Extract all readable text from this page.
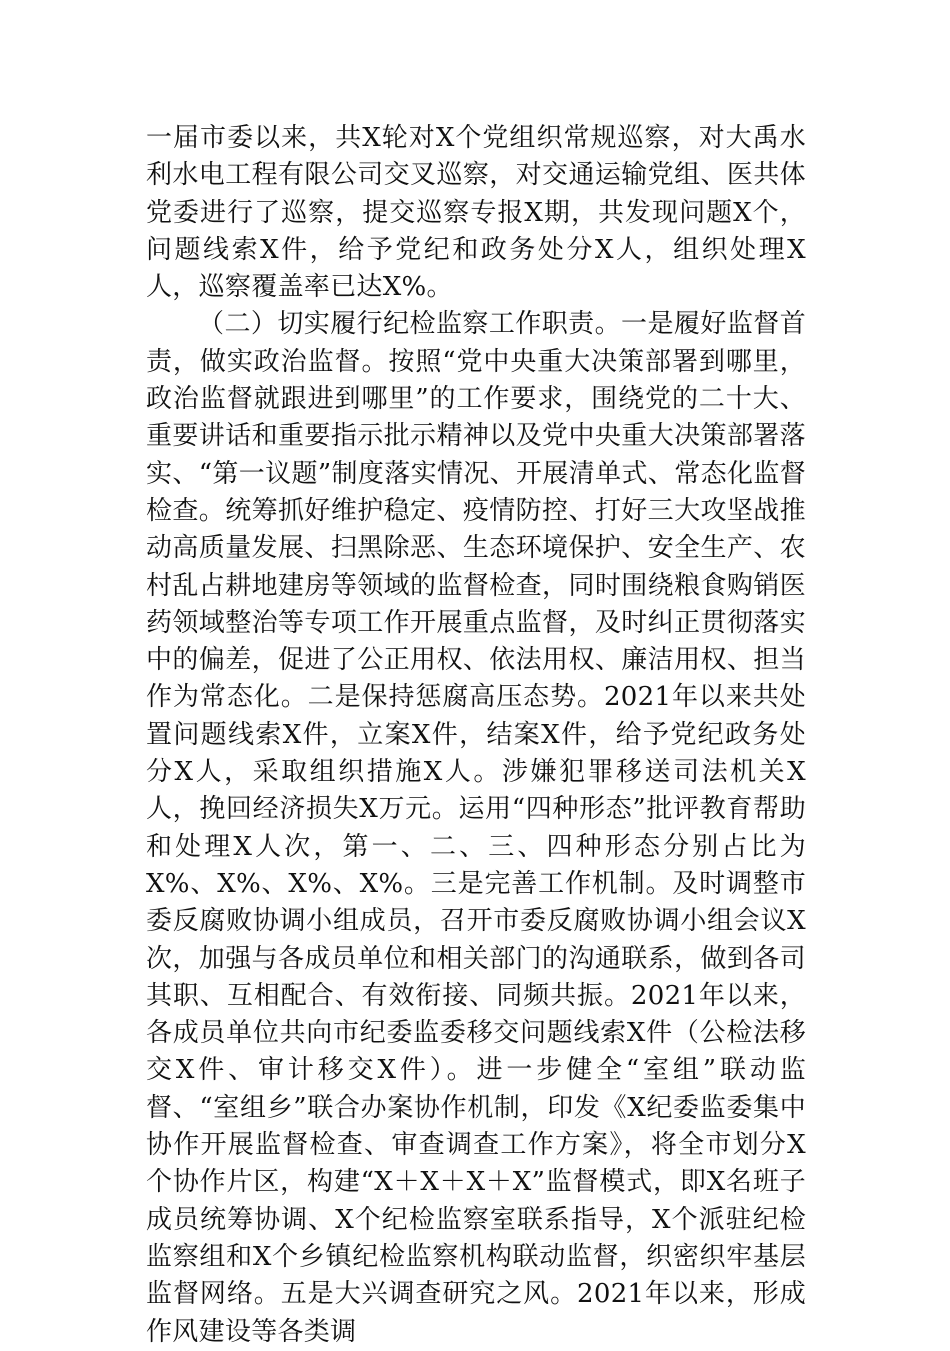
一届市委以来，共X轮对X个党组织常规巡察，对大禹水利水电工程有限公司交叉巡察，对交通运输党组、医共体党委进行了巡察，提交巡察专报X期，共发现问题X个，问题线索X件，给予党纪和政务处分X人，组织处理X人，巡察覆盖率已达X%。

（二）切实履行纪检监察工作职责。一是履好监督首责，做实政治监督。按照“党中央重大决策部署到哪里，政治监督就跟进到哪里”的工作要求，围绕党的二十大、重要讲话和重要指示批示精神以及党中央重大决策部署落实、“第一议题”制度落实情况、开展清单式、常态化监督检查。统筹抓好维护稳定、疫情防控、打好三大攻坚战推动高质量发展、扫黑除恶、生态环境保护、安全生产、农村乱占耕地建房等领域的监督检查，同时围绕粮食购销医药领域整治等专项工作开展重点监督，及时纠正贯彻落实中的偏差，促进了公正用权、依法用权、廉洁用权、担当作为常态化。二是保持惩腐高压态势。2021年以来共处置问题线索X件，立案X件，结案X件，给予党纪政务处分X人，采取组织措施X人。涉嫌犯罪移送司法机关X人，挽回经济损失X万元。运用“四种形态”批评教育帮助和处理X人次，第一、二、三、四种形态分别占比为X%、X%、X%、X%。三是完善工作机制。及时调整市委反腐败协调小组成员，召开市委反腐败协调小组会议X次，加强与各成员单位和相关部门的沟通联系，做到各司其职、互相配合、有效衔接、同频共振。2021年以来，各成员单位共向市纪委监委移交问题线索X件（公检法移交X件、审计移交X件）。进一步健全“室组”联动监督、“室组乡”联合办案协作机制，印发《X纪委监委集中协作开展监督检查、审查调查工作方案》，将全市划分X个协作片区，构建“X＋X＋X＋X”监督模式，即X名班子成员统筹协调、X个纪检监察室联系指导，X个派驻纪检监察组和X个乡镇纪检监察机构联动监督，织密织牢基层监督网络。五是大兴调查研究之风。2021年以来，形成作风建设等各类调
